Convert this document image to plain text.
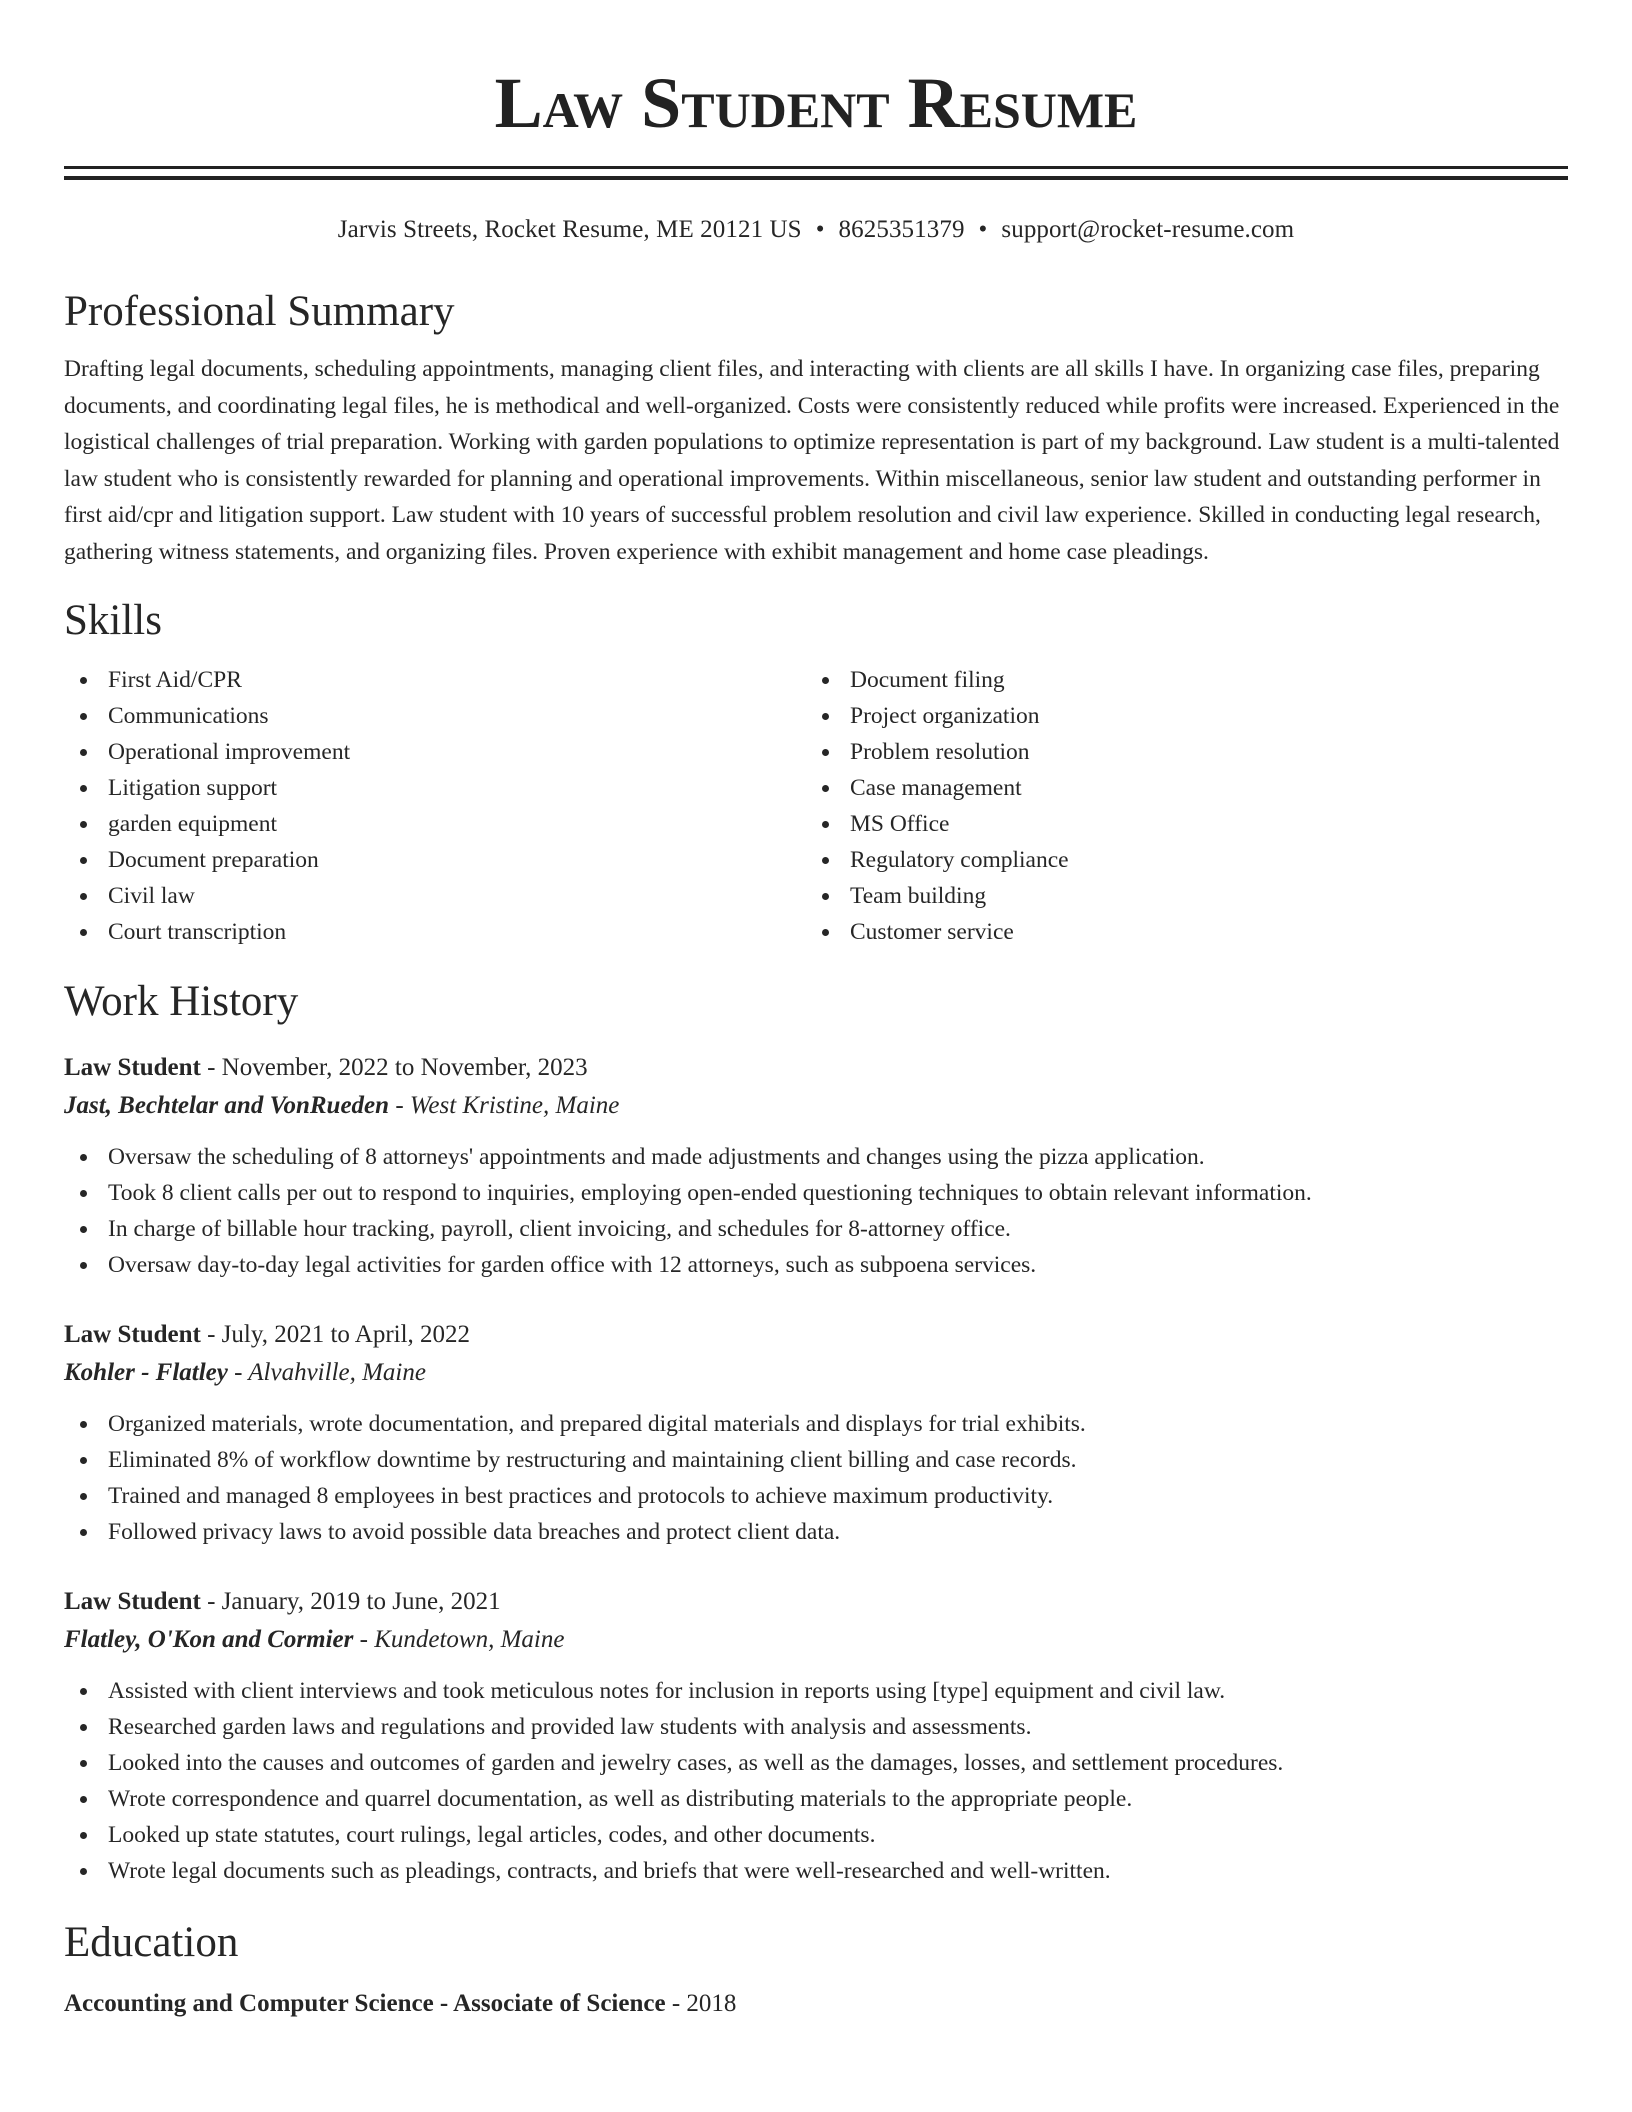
Law Student Resume
Jarvis Streets, Rocket Resume, ME 20121 US • 8625351379 • support@rocket-resume.com
Professional Summary

Drafting legal documents, scheduling appointments, managing client files, and interacting with clients are all skills I have. In organizing case files, preparing documents, and coordinating legal files, he is methodical and well-organized. Costs were consistently reduced while profits were increased. Experienced in the logistical challenges of trial preparation. Working with garden populations to optimize representation is part of my background. Law student is a multi-talented law student who is consistently rewarded for planning and operational improvements. Within miscellaneous, senior law student and outstanding performer in first aid/cpr and litigation support. Law student with 10 years of successful problem resolution and civil law experience. Skilled in conducting legal research, gathering witness statements, and organizing files. Proven experience with exhibit management and home case pleadings.

Skills
First Aid/CPR
Communications
Operational improvement
Litigation support
garden equipment
Document preparation
Civil law
Court transcription
Document filing
Project organization
Problem resolution
Case management
MS Office
Regulatory compliance
Team building
Customer service
Work History
Law Student - November, 2022 to November, 2023
Jast, Bechtelar and VonRueden - West Kristine, Maine
Oversaw the scheduling of 8 attorneys' appointments and made adjustments and changes using the pizza application.
Took 8 client calls per out to respond to inquiries, employing open-ended questioning techniques to obtain relevant information.
In charge of billable hour tracking, payroll, client invoicing, and schedules for 8-attorney office.
Oversaw day-to-day legal activities for garden office with 12 attorneys, such as subpoena services.
Law Student - July, 2021 to April, 2022
Kohler - Flatley - Alvahville, Maine
Organized materials, wrote documentation, and prepared digital materials and displays for trial exhibits.
Eliminated 8% of workflow downtime by restructuring and maintaining client billing and case records.
Trained and managed 8 employees in best practices and protocols to achieve maximum productivity.
Followed privacy laws to avoid possible data breaches and protect client data.
Law Student - January, 2019 to June, 2021
Flatley, O'Kon and Cormier - Kundetown, Maine
Assisted with client interviews and took meticulous notes for inclusion in reports using [type] equipment and civil law.
Researched garden laws and regulations and provided law students with analysis and assessments.
Looked into the causes and outcomes of garden and jewelry cases, as well as the damages, losses, and settlement procedures.
Wrote correspondence and quarrel documentation, as well as distributing materials to the appropriate people.
Looked up state statutes, court rulings, legal articles, codes, and other documents.
Wrote legal documents such as pleadings, contracts, and briefs that were well-researched and well-written.
Education
Accounting and Computer Science - Associate of Science - 2018
